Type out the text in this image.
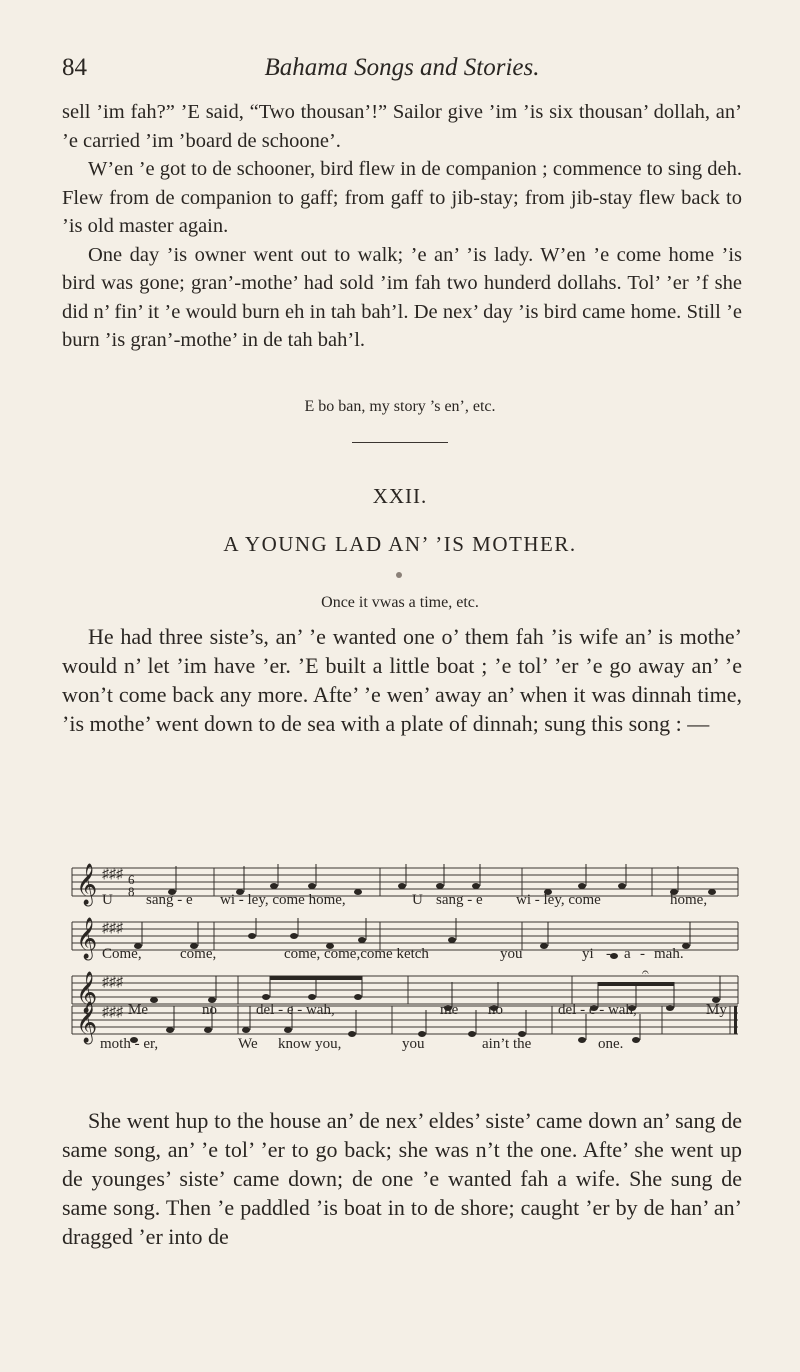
84	Bahama Songs and Stories.

sell ’im fah?” ’E said, “Two thousan’!” Sailor give ’im ’is six thousan’ dollah, an’ ’e carried ’im ’board de schoone’.

W’en ’e got to de schooner, bird flew in de companion ; commence to sing deh. Flew from de companion to gaff; from gaff to jib-stay; from jib-stay flew back to ’is old master again.

One day ’is owner went out to walk; ’e an’ ’is lady. W’en ’e come home ’is bird was gone; gran’-mothe’ had sold ’im fah two hunderd dollahs. Tol’ ’er ’f she did n’ fin’ it ’e would burn eh in tah bah’l. De nex’ day ’is bird came home. Still ’e burn ’is gran’-mothe’ in de tah bah’l.

E bo ban, my story ’s en’, etc.
XXII.
A YOUNG LAD AN’ ’IS MOTHER.
Once it vwas a time, etc.

He had three siste’s, an’ ’e wanted one o’ them fah ’is wife an’ is mothe’ would n’ let ’im have ’er. ’E built a little boat ; ’e tol’ ’er ’e go away an’ ’e won’t come back any more. Afte’ ’e wen’ away an’ when it was dinnah time, ’is mothe’ went down to de sea with a plate of dinnah; sung this song : —

𝄞 ♯♯♯ 6
8
U sang - e wi - ley, come home,	U sang - e wi - ley, come	home,
𝄞 ♯♯♯
Come,	come,	come, come,come ketch	you	yi - a - mah.
𝄞 ♯♯♯
𝄐
Me	no	del - e - wah,	me no	del - e - wah,	My
𝄞 ♯♯♯
moth - er,	We know you,	you	ain’t the	one.

She went hup to the house an’ de nex’ eldes’ siste’ came down an’ sang de same song, an’ ’e tol’ ’er to go back; she was n’t the one. Afte’ she went up de younges’ siste’ came down; de one ’e wanted fah a wife. She sung de same song. Then ’e paddled ’is boat in to de shore; caught ’er by de han’ an’ dragged ’er into de
